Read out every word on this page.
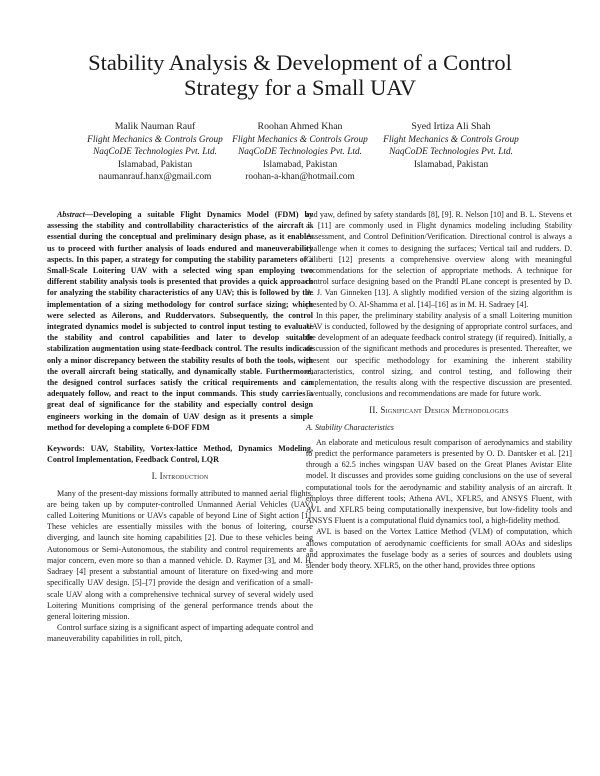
Stability Analysis & Development of a Control
Strategy for a Small UAV
Malik Nauman Rauf
Flight Mechanics & Controls Group
NaqCoDE Technologies Pvt. Ltd.
Islamabad, Pakistan
naumanrauf.hanx@gmail.com
Roohan Ahmed Khan
Flight Mechanics & Controls Group
NaqCoDE Technologies Pvt. Ltd.
Islamabad, Pakistan
roohan-a-khan@hotmail.com
Syed Irtiza Ali Shah
Flight Mechanics & Controls Group
NaqCoDE Technologies Pvt. Ltd.
Islamabad, Pakistan

Abstract—Developing a suitable Flight Dynamics Model (FDM) by assessing the stability and controllability characteristics of the aircraft is essential during the conceptual and preliminary design phase, as it enables us to proceed with further analysis of loads endured and maneuverability aspects. In this paper, a strategy for computing the stability parameters of a Small-Scale Loitering UAV with a selected wing span employing two different stability analysis tools is presented that provides a quick approach for analyzing the stability characteristics of any UAV; this is followed by the implementation of a sizing methodology for control surface sizing; which were selected as Ailerons, and Ruddervators. Subsequently, the control integrated dynamics model is subjected to control input testing to evaluate the stability and control capabilities and later to develop suitable stabilization augmentation using state-feedback control. The results indicate only a minor discrepancy between the stability results of both the tools, with the overall aircraft being statically, and dynamically stable. Furthermore, the designed control surfaces satisfy the critical requirements and can adequately follow, and react to the input commands. This study carries a great deal of significance for the stability and especially control design engineers working in the domain of UAV design as it presents a simple method for developing a complete 6-DOF FDM

Keywords: UAV, Stability, Vortex-lattice Method, Dynamics Modeling, Control Implementation, Feedback Control, LQR

I. Introduction

Many of the present-day missions formally attributed to manned aerial flights, are being taken up by computer-controlled Unmanned Aerial Vehicles (UAV) called Loitering Munitions or UAVs capable of beyond Line of Sight action [1]. These vehicles are essentially missiles with the bonus of loitering, course diverging, and launch site homing capabilities [2]. Due to these vehicles being Autonomous or Semi-Autonomous, the stability and control requirements are a major concern, even more so than a manned vehicle. D. Raymer [3], and M. H. Sadraey [4] present a substantial amount of literature on fixed-wing and more specifically UAV design. [5]–[7] provide the design and verification of a small-scale UAV along with a comprehensive technical survey of several widely used Loitering Munitions comprising of the general performance trends about the general loitering mission.

Control surface sizing is a significant aspect of imparting adequate control and maneuverability capabilities in roll, pitch,

and yaw, defined by safety standards [8], [9]. R. Nelson [10] and B. L. Stevens et al. [11] are commonly used in Flight dynamics modeling including Stability Assessment, and Control Definition/Verification. Directional control is always a challenge when it comes to designing the surfaces; Vertical tail and rudders. D. Ciliberti [12] presents a comprehensive overview along with meaningful recommendations for the selection of appropriate methods. A technique for control surface designing based on the Prandtl PLane concept is presented by D. A. J. Van Ginneken [13]. A slightly modified version of the sizing algorithm is presented by O. Al-Shamma et al. [14]–[16] as in M. H. Sadraey [4].

In this paper, the preliminary stability analysis of a small Loitering munition UAV is conducted, followed by the designing of appropriate control surfaces, and the development of an adequate feedback control strategy (if required). Initially, a discussion of the significant methods and procedures is presented. Thereafter, we present our specific methodology for examining the inherent stability characteristics, control sizing, and control testing, and following their implementation, the results along with the respective discussion are presented. Eventually, conclusions and recommendations are made for future work.

II. Significant Design Methodologies
A. Stability Characteristics

An elaborate and meticulous result comparison of aerodynamics and stability to predict the performance parameters is presented by O. D. Dantsker et al. [21] through a 62.5 inches wingspan UAV based on the Great Planes Avistar Elite model. It discusses and provides some guiding conclusions on the use of several computational tools for the aerodynamic and stability analysis of an aircraft. It employs three different tools; Athena AVL, XFLR5, and ANSYS Fluent, with AVL and XFLR5 being computationally inexpensive, but low-fidelity tools and ANSYS Fluent is a computational fluid dynamics tool, a high-fidelity method.

AVL is based on the Vortex Lattice Method (VLM) of computation, which allows computation of aerodynamic coefficients for small AOAs and sideslips and approximates the fuselage body as a series of sources and doublets using slender body theory. XFLR5, on the other hand, provides three options
